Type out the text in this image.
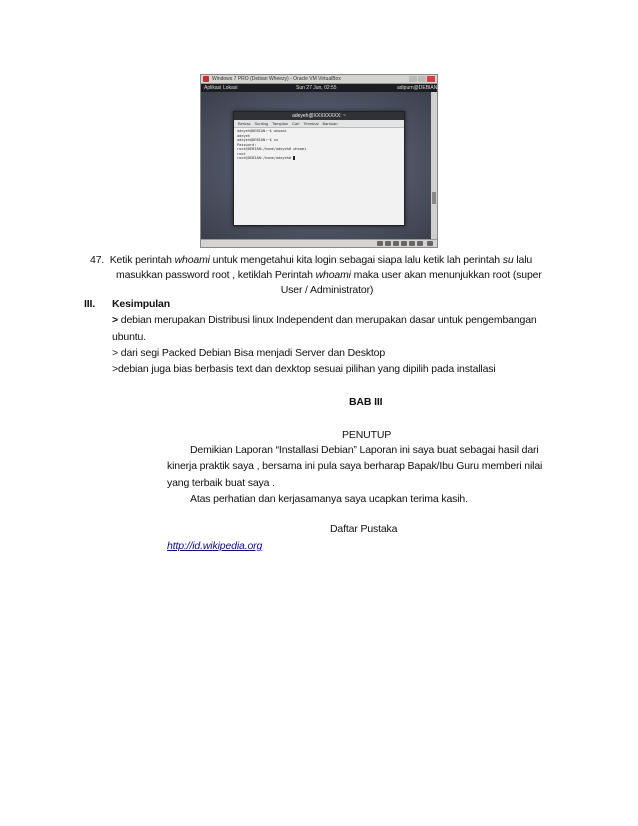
Windows 7 PRO (Debian Wheezy) - Oracle VM VirtualBox
Aplikasi Lokasi	Sun 27 Jun, 02:55	adipurn@DEBIAN
adeyeh@XXXXXXXX: ~
Berkas Sunting Tampilan Cari Terminal Bantuan
adeyeh@DEBIAN:~$ whoami
adeyeh
adeyeh@DEBIAN:~$ su
Password:
root@DEBIAN:/home/adeyeh# whoami
root
root@DEBIAN:/home/adeyeh#
47. Ketik perintah whoami untuk mengetahui kita login sebagai siapa lalu ketik lah perintah su lalu
masukkan password root , ketiklah Perintah whoami maka user akan menunjukkan root (super
User / Administrator)
III. Kesimpulan
> debian merupakan Distribusi linux Independent dan merupakan dasar untuk pengembangan
ubuntu.
> dari segi Packed Debian Bisa menjadi Server dan Desktop
>debian juga bias berbasis text dan dexktop sesuai pilihan yang dipilih pada installasi
BAB III
PENUTUP
Demikian Laporan “Installasi Debian” Laporan ini saya buat sebagai hasil dari
kinerja praktik saya , bersama ini pula saya berharap Bapak/Ibu Guru memberi nilai
yang terbaik buat saya .
Atas perhatian dan kerjasamanya saya ucapkan terima kasih.
Daftar Pustaka
http://id.wikipedia.org
